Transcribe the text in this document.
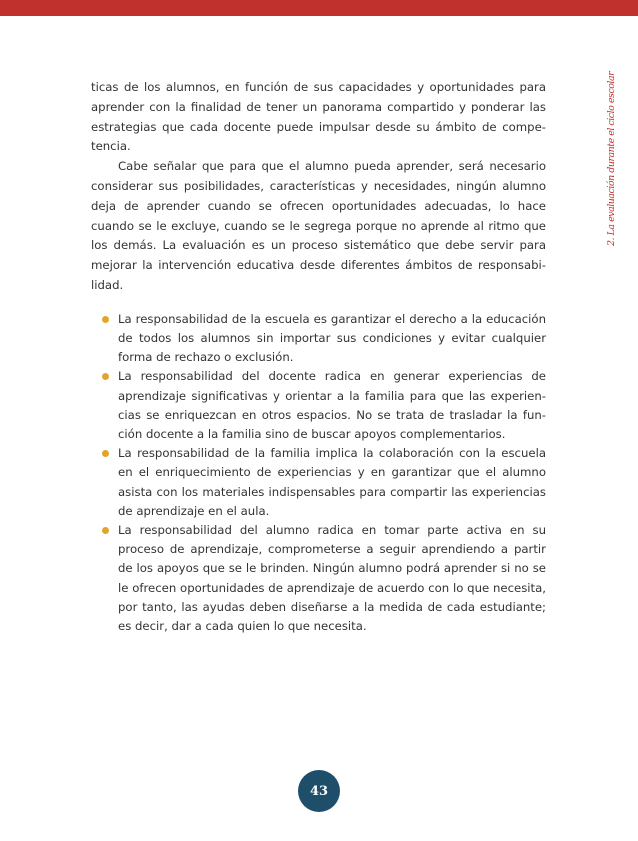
2. La evaluación durante el ciclo escolar

ticas de los alumnos, en función de sus capacidades y oportunidades para aprender con la finalidad de tener un panorama compartido y ponderar las estrategias que cada docente puede impulsar desde su ámbito de competencia.

Cabe señalar que para que el alumno pueda aprender, será necesario considerar sus posibilidades, características y necesidades, ningún alumno deja de aprender cuando se ofrecen oportunidades adecuadas, lo hace cuando se le excluye, cuando se le segrega porque no aprende al ritmo que los demás. La evaluación es un proceso sistemático que debe servir para mejorar la intervención educativa desde diferentes ámbitos de responsabilidad.

La responsabilidad de la escuela es garantizar el derecho a la educación de todos los alumnos sin importar sus condiciones y evitar cualquier forma de rechazo o exclusión.
La responsabilidad del docente radica en generar experiencias de aprendizaje significativas y orientar a la familia para que las experiencias se enriquezcan en otros espacios. No se trata de trasladar la función docente a la familia sino de buscar apoyos complementarios.
La responsabilidad de la familia implica la colaboración con la escuela en el enriquecimiento de experiencias y en garantizar que el alumno asista con los materiales indispensables para compartir las experiencias de aprendizaje en el aula.
La responsabilidad del alumno radica en tomar parte activa en su proceso de aprendizaje, comprometerse a seguir aprendiendo a partir de los apoyos que se le brinden. Ningún alumno podrá aprender si no se le ofrecen oportunidades de aprendizaje de acuerdo con lo que necesita, por tanto, las ayudas deben diseñarse a la medida de cada estudiante; es decir, dar a cada quien lo que necesita.
43
